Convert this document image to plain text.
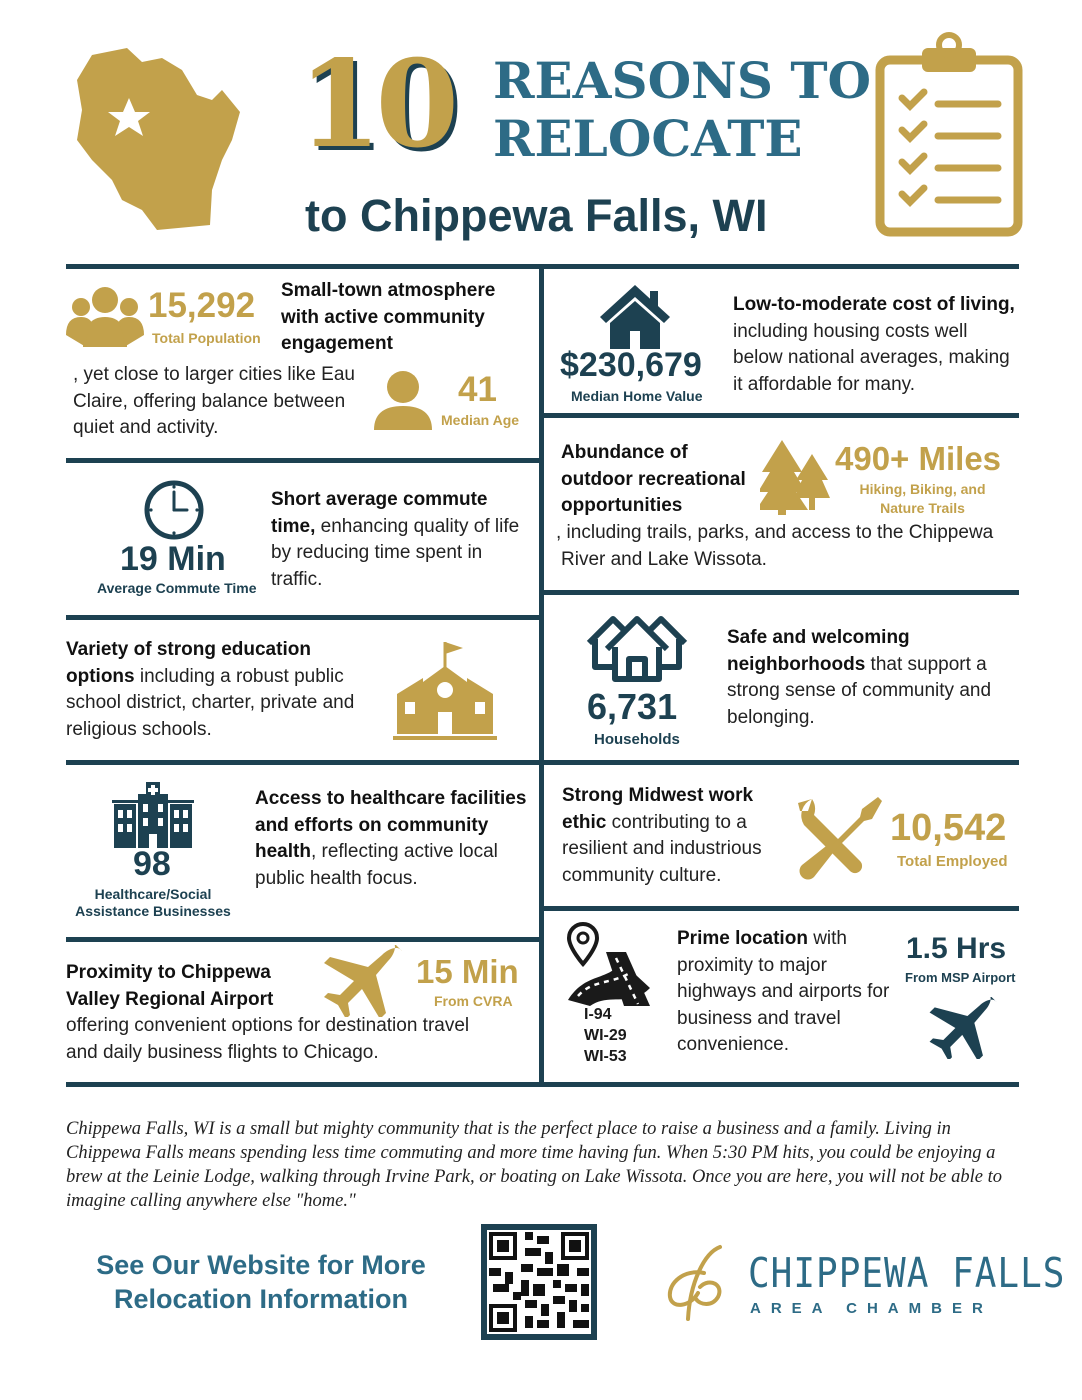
10 REASONS TO
RELOCATE
to Chippewa Falls, WI
15,292
Total Population
Small-town atmosphere with active community engagement
, yet close to larger cities like Eau Claire, offering balance between quiet and activity.
41
Median Age
$230,679
Median Home Value
Low-to-moderate cost of living, including housing costs well below national averages, making it affordable for many.
19 Min
Average Commute Time
Short average commute time, enhancing quality of life by reducing time spent in traffic.
Abundance of outdoor recreational opportunities
, including trails, parks, and access to the Chippewa River and Lake Wissota.
490+ Miles
Hiking, Biking, and
Nature Trails
Variety of strong education options including a robust public school district, charter, private and religious schools.
6,731
Households
Safe and welcoming neighborhoods that support a strong sense of community and belonging.
98
Healthcare/Social
Assistance Businesses
Access to healthcare facilities and efforts on community health, reflecting active local public health focus.
Strong Midwest work ethic contributing to a resilient and industrious community culture.
10,542
Total Employed
Proximity to Chippewa Valley Regional Airport
offering convenient options for destination travel and daily business flights to Chicago.
15 Min
From CVRA
I-94
WI-29
WI-53
Prime location with proximity to major highways and airports for business and travel convenience.
1.5 Hrs
From MSP Airport
Chippewa Falls, WI is a small but mighty community that is the perfect place to raise a business and a family. Living in Chippewa Falls means spending less time commuting and more time having fun. When 5:30 PM hits, you could be enjoying a brew at the Leinie Lodge, walking through Irvine Park, or boating on Lake Wissota. Once you are here, you will not be able to imagine calling anywhere else "home."
See Our Website for More
Relocation Information
CHIPPEWA FALLS
AREA CHAMBER
